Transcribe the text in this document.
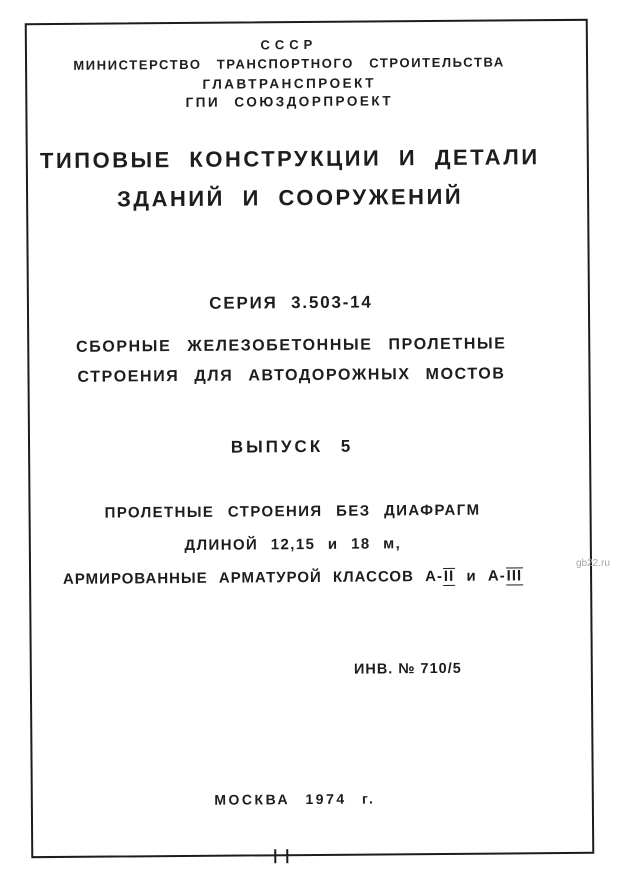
СССР
МИНИСТЕРСТВО ТРАНСПОРТНОГО СТРОИТЕЛЬСТВА
ГЛАВТРАНСПРОЕКТ
ГПИ СОЮЗДОРПРОЕКТ
ТИПОВЫЕ КОНСТРУКЦИИ И ДЕТАЛИ
ЗДАНИЙ И СООРУЖЕНИЙ
СЕРИЯ 3.503-14
СБОРНЫЕ ЖЕЛЕЗОБЕТОННЫЕ ПРОЛЕТНЫЕ
СТРОЕНИЯ ДЛЯ АВТОДОРОЖНЫХ МОСТОВ
ВЫПУСК 5
ПРОЛЕТНЫЕ СТРОЕНИЯ БЕЗ ДИАФРАГМ
ДЛИНОЙ 12,15 и 18 м,
АРМИРОВАННЫЕ АРМАТУРОЙ КЛАССОВ А-II и А-III
ИНВ. № 710/5
МОСКВА 1974 г.
gb22.ru
